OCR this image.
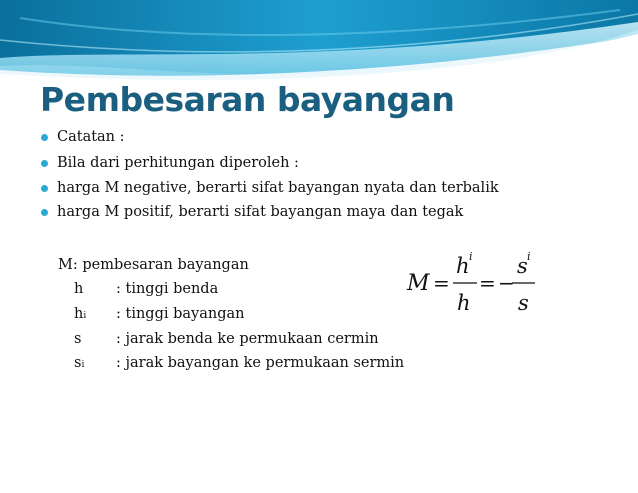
Pembesaran bayangan
Catatan :
Bila dari perhitungan diperoleh :
harga M negative, berarti sifat bayangan nyata dan terbalik
harga M positif, berarti sifat bayangan maya dan tegak
M: pembesaran bayangan
h : tinggi benda
hi : tinggi bayangan
s : jarak benda ke permukaan cermin
si : jarak bayangan ke permukaan sermin
M =
h i
h
= −
s i
s
